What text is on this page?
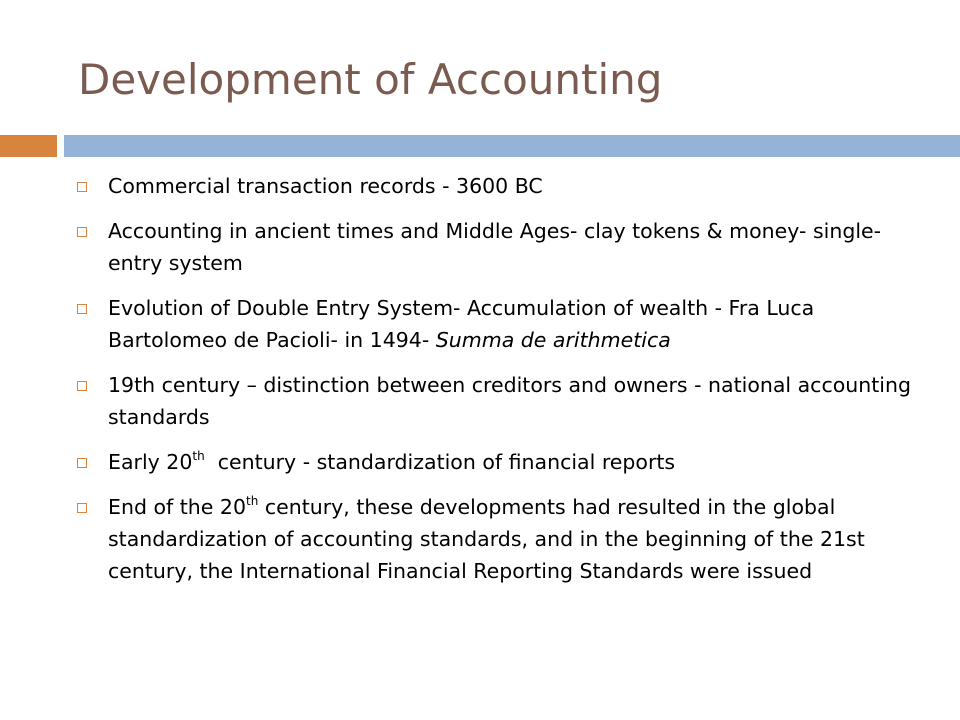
Development of Accounting
Commercial transaction records - 3600 BC
Accounting in ancient times and Middle Ages- clay tokens & money- single-entry system
Evolution of Double Entry System- Accumulation of wealth - Fra Luca Bartolomeo de Pacioli- in 1494- Summa de arithmetica
19th century – distinction between creditors and owners - national accounting standards
Early 20th  century - standardization of financial reports
End of the 20th century, these developments had resulted in the global standardization of accounting standards, and in the beginning of the 21st century, the International Financial Reporting Standards were issued
